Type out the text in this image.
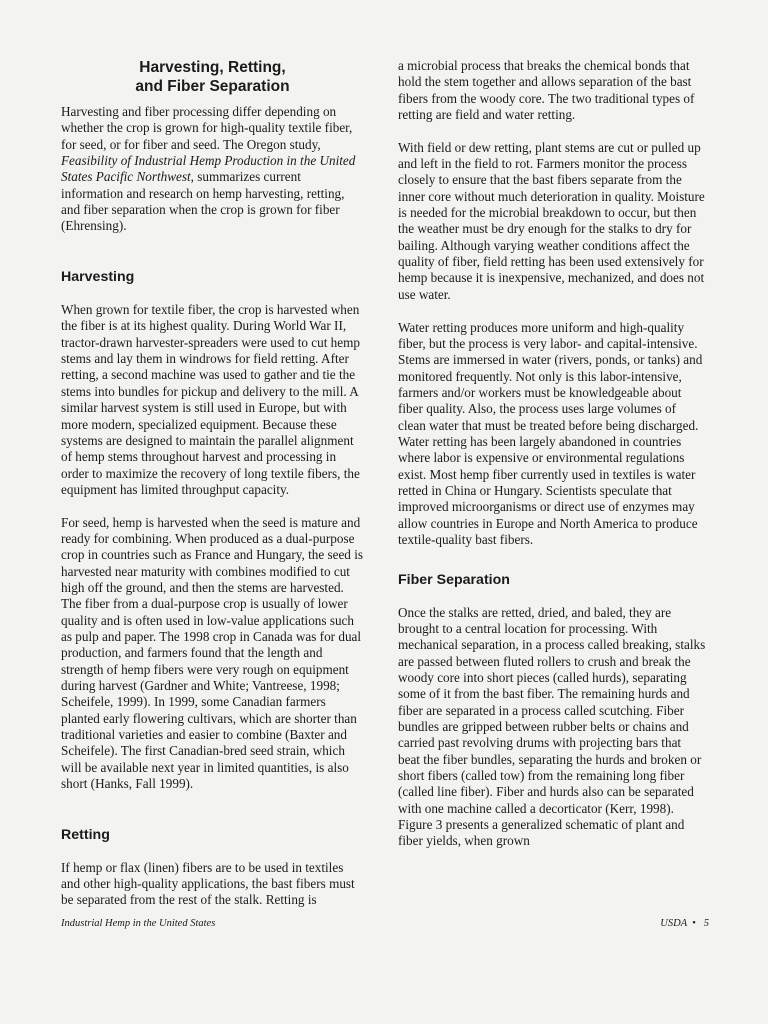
Harvesting, Retting,
and Fiber Separation

Harvesting and fiber processing differ depending on whether the crop is grown for high-quality textile fiber, for seed, or for fiber and seed. The Oregon study, Feasibility of Industrial Hemp Production in the United States Pacific Northwest, summarizes current information and research on hemp harvesting, retting, and fiber separation when the crop is grown for fiber (Ehrensing).

Harvesting

When grown for textile fiber, the crop is harvested when the fiber is at its highest quality. During World War II, tractor-drawn harvester-spreaders were used to cut hemp stems and lay them in windrows for field retting. After retting, a second machine was used to gather and tie the stems into bundles for pickup and delivery to the mill. A similar harvest system is still used in Europe, but with more modern, specialized equipment. Because these systems are designed to maintain the parallel alignment of hemp stems throughout harvest and processing in order to maximize the recovery of long textile fibers, the equipment has limited throughput capacity.

For seed, hemp is harvested when the seed is mature and ready for combining. When produced as a dual-purpose crop in countries such as France and Hungary, the seed is harvested near maturity with combines modified to cut high off the ground, and then the stems are harvested. The fiber from a dual-purpose crop is usually of lower quality and is often used in low-value applications such as pulp and paper. The 1998 crop in Canada was for dual production, and farmers found that the length and strength of hemp fibers were very rough on equipment during harvest (Gardner and White; Vantreese, 1998; Scheifele, 1999). In 1999, some Canadian farmers planted early flowering cultivars, which are shorter than traditional varieties and easier to combine (Baxter and Scheifele). The first Canadian-bred seed strain, which will be available next year in limited quantities, is also short (Hanks, Fall 1999).

Retting

If hemp or flax (linen) fibers are to be used in textiles and other high-quality applications, the bast fibers must be separated from the rest of the stalk. Retting is

a microbial process that breaks the chemical bonds that hold the stem together and allows separation of the bast fibers from the woody core. The two traditional types of retting are field and water retting.

With field or dew retting, plant stems are cut or pulled up and left in the field to rot. Farmers monitor the process closely to ensure that the bast fibers separate from the inner core without much deterioration in quality. Moisture is needed for the microbial breakdown to occur, but then the weather must be dry enough for the stalks to dry for bailing. Although varying weather conditions affect the quality of fiber, field retting has been used extensively for hemp because it is inexpensive, mechanized, and does not use water.

Water retting produces more uniform and high-quality fiber, but the process is very labor- and capital-intensive. Stems are immersed in water (rivers, ponds, or tanks) and monitored frequently. Not only is this labor-intensive, farmers and/or workers must be knowledgeable about fiber quality. Also, the process uses large volumes of clean water that must be treated before being discharged. Water retting has been largely abandoned in countries where labor is expensive or environmental regulations exist. Most hemp fiber currently used in textiles is water retted in China or Hungary. Scientists speculate that improved microorganisms or direct use of enzymes may allow countries in Europe and North America to produce textile-quality bast fibers.

Fiber Separation

Once the stalks are retted, dried, and baled, they are brought to a central location for processing. With mechanical separation, in a process called breaking, stalks are passed between fluted rollers to crush and break the woody core into short pieces (called hurds), separating some of it from the bast fiber. The remaining hurds and fiber are separated in a process called scutching. Fiber bundles are gripped between rubber belts or chains and carried past revolving drums with projecting bars that beat the fiber bundles, separating the hurds and broken or short fibers (called tow) from the remaining long fiber (called line fiber). Fiber and hurds also can be separated with one machine called a decorticator (Kerr, 1998). Figure 3 presents a generalized schematic of plant and fiber yields, when grown

Industrial Hemp in the United States	USDA  •   5
